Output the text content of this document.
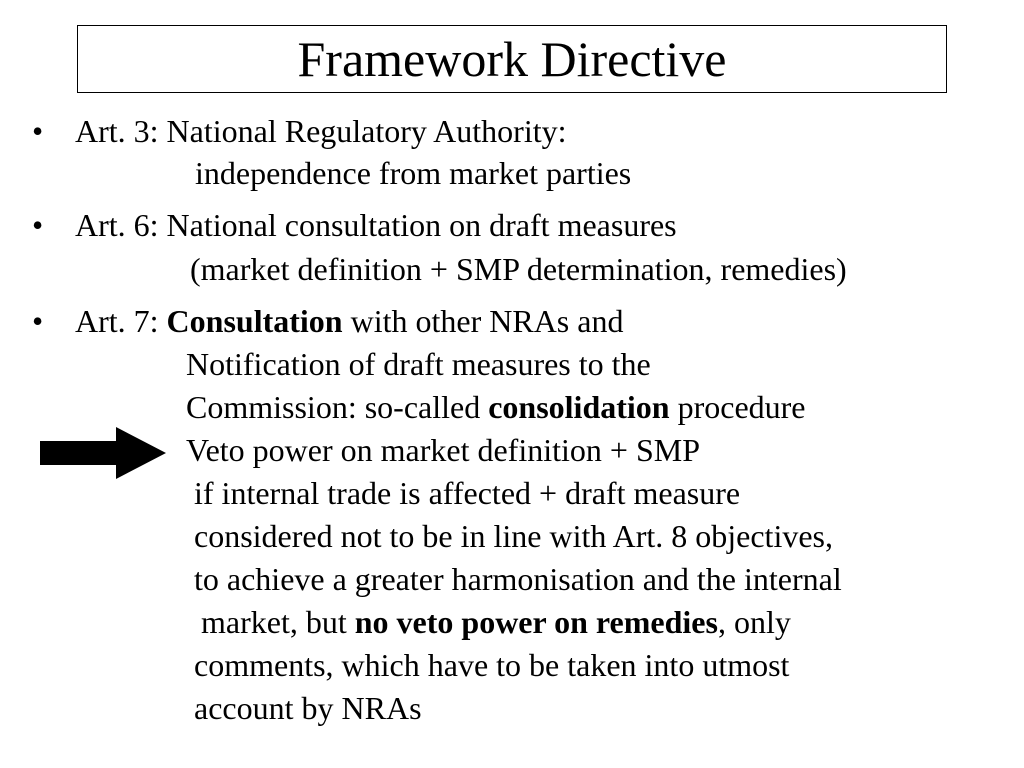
Framework Directive
• Art. 3: National Regulatory Authority:
independence from market parties
• Art. 6: National consultation on draft measures
(market definition + SMP determination, remedies)
• Art. 7: Consultation with other NRAs and
Notification of draft measures to the
Commission: so-called consolidation procedure
Veto power on market definition + SMP
if internal trade is affected + draft measure
considered not to be in line with Art. 8 objectives,
to achieve a greater harmonisation and the internal
market, but no veto power on remedies, only
comments, which have to be taken into utmost
account by NRAs
